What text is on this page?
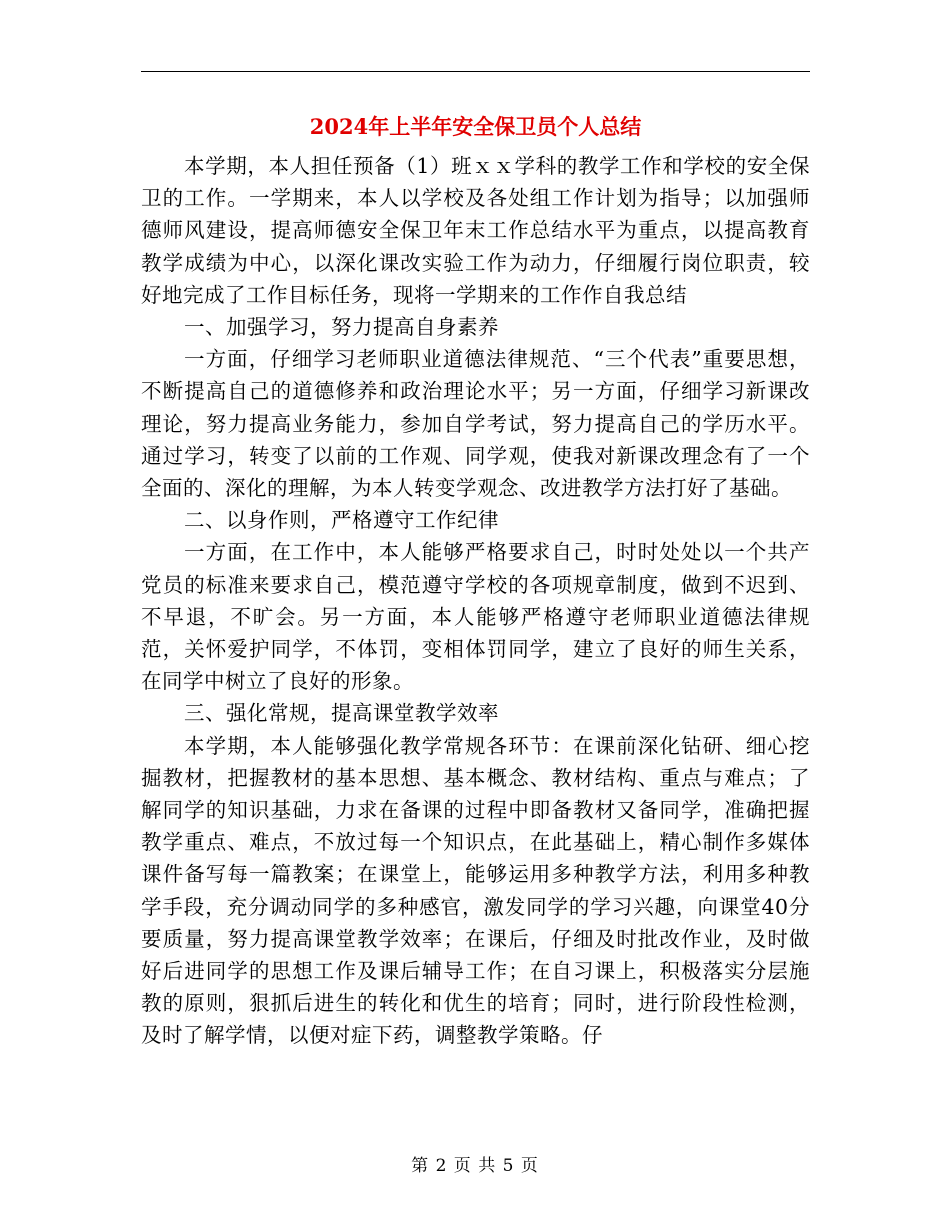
2024年上半年安全保卫员个人总结

本学期，本人担任预备（1）班ｘｘ学科的教学工作和学校的安全保卫的工作。一学期来，本人以学校及各处组工作计划为指导；以加强师德师风建设，提高师德安全保卫年末工作总结水平为重点，以提高教育教学成绩为中心，以深化课改实验工作为动力，仔细履行岗位职责，较好地完成了工作目标任务，现将一学期来的工作作自我总结

一、加强学习，努力提高自身素养

一方面，仔细学习老师职业道德法律规范、“三个代表”重要思想，不断提高自己的道德修养和政治理论水平；另一方面，仔细学习新课改理论，努力提高业务能力，参加自学考试，努力提高自己的学历水平。通过学习，转变了以前的工作观、同学观，使我对新课改理念有了一个全面的、深化的理解，为本人转变学观念、改进教学方法打好了基础。

二、以身作则，严格遵守工作纪律

一方面，在工作中，本人能够严格要求自己，时时处处以一个共产党员的标准来要求自己，模范遵守学校的各项规章制度，做到不迟到、不早退，不旷会。另一方面，本人能够严格遵守老师职业道德法律规范，关怀爱护同学，不体罚，变相体罚同学，建立了良好的师生关系，在同学中树立了良好的形象。

三、强化常规，提高课堂教学效率

本学期，本人能够强化教学常规各环节：在课前深化钻研、细心挖掘教材，把握教材的基本思想、基本概念、教材结构、重点与难点；了解同学的知识基础，力求在备课的过程中即备教材又备同学，准确把握教学重点、难点，不放过每一个知识点，在此基础上，精心制作多媒体课件备写每一篇教案；在课堂上，能够运用多种教学方法，利用多种教学手段，充分调动同学的多种感官，激发同学的学习兴趣，向课堂40分要质量，努力提高课堂教学效率；在课后，仔细及时批改作业，及时做好后进同学的思想工作及课后辅导工作；在自习课上，积极落实分层施教的原则，狠抓后进生的转化和优生的培育；同时，进行阶段性检测，及时了解学情，以便对症下药，调整教学策略。仔

第 2 页 共 5 页
